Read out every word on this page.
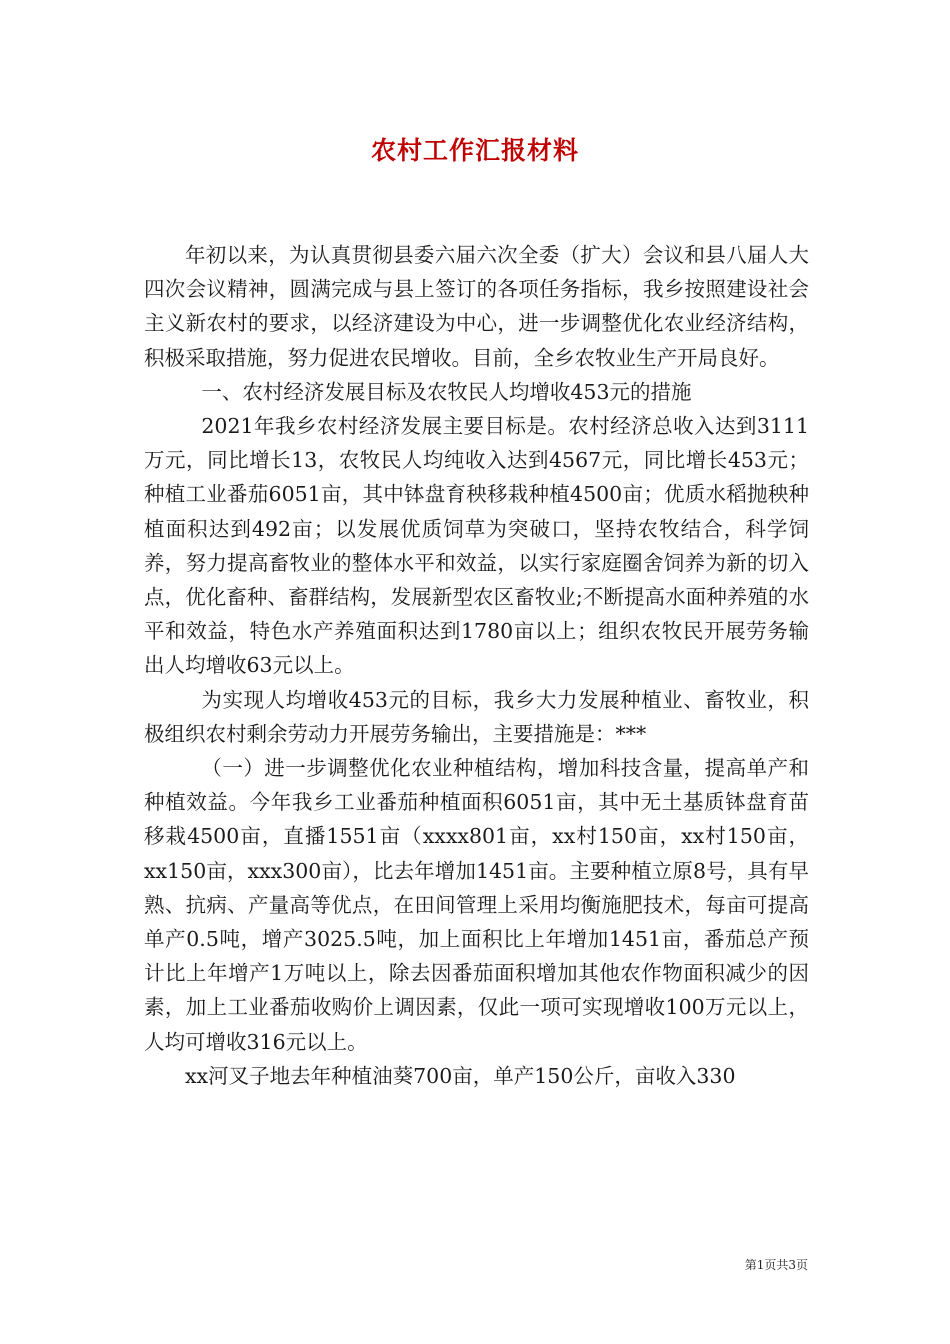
农村工作汇报材料

年初以来，为认真贯彻县委六届六次全委（扩大）会议和县八届人大四次会议精神，圆满完成与县上签订的各项任务指标，我乡按照建设社会主义新农村的要求，以经济建设为中心，进一步调整优化农业经济结构，积极采取措施，努力促进农民增收。目前，全乡农牧业生产开局良好。

一、农村经济发展目标及农牧民人均增收453元的措施

2021年我乡农村经济发展主要目标是。农村经济总收入达到3111万元，同比增长13，农牧民人均纯收入达到4567元，同比增长453元；种植工业番茄6051亩，其中钵盘育秧移栽种植4500亩；优质水稻抛秧种植面积达到492亩；以发展优质饲草为突破口，坚持农牧结合，科学饲养，努力提高畜牧业的整体水平和效益，以实行家庭圈舍饲养为新的切入点，优化畜种、畜群结构，发展新型农区畜牧业;不断提高水面种养殖的水平和效益，特色水产养殖面积达到1780亩以上；组织农牧民开展劳务输出人均增收63元以上。

为实现人均增收453元的目标，我乡大力发展种植业、畜牧业，积极组织农村剩余劳动力开展劳务输出，主要措施是：***

（一）进一步调整优化农业种植结构，增加科技含量，提高单产和种植效益。今年我乡工业番茄种植面积6051亩，其中无土基质钵盘育苗移栽4500亩，直播1551亩（xxxx801亩，xx村150亩，xx村150亩，xx150亩，xxx300亩），比去年增加1451亩。主要种植立原8号，具有早熟、抗病、产量高等优点，在田间管理上采用均衡施肥技术，每亩可提高单产0.5吨，增产3025.5吨，加上面积比上年增加1451亩，番茄总产预计比上年增产1万吨以上，除去因番茄面积增加其他农作物面积减少的因素，加上工业番茄收购价上调因素，仅此一项可实现增收100万元以上，人均可增收316元以上。

xx河叉子地去年种植油葵700亩，单产150公斤，亩收入330

第1页共3页
